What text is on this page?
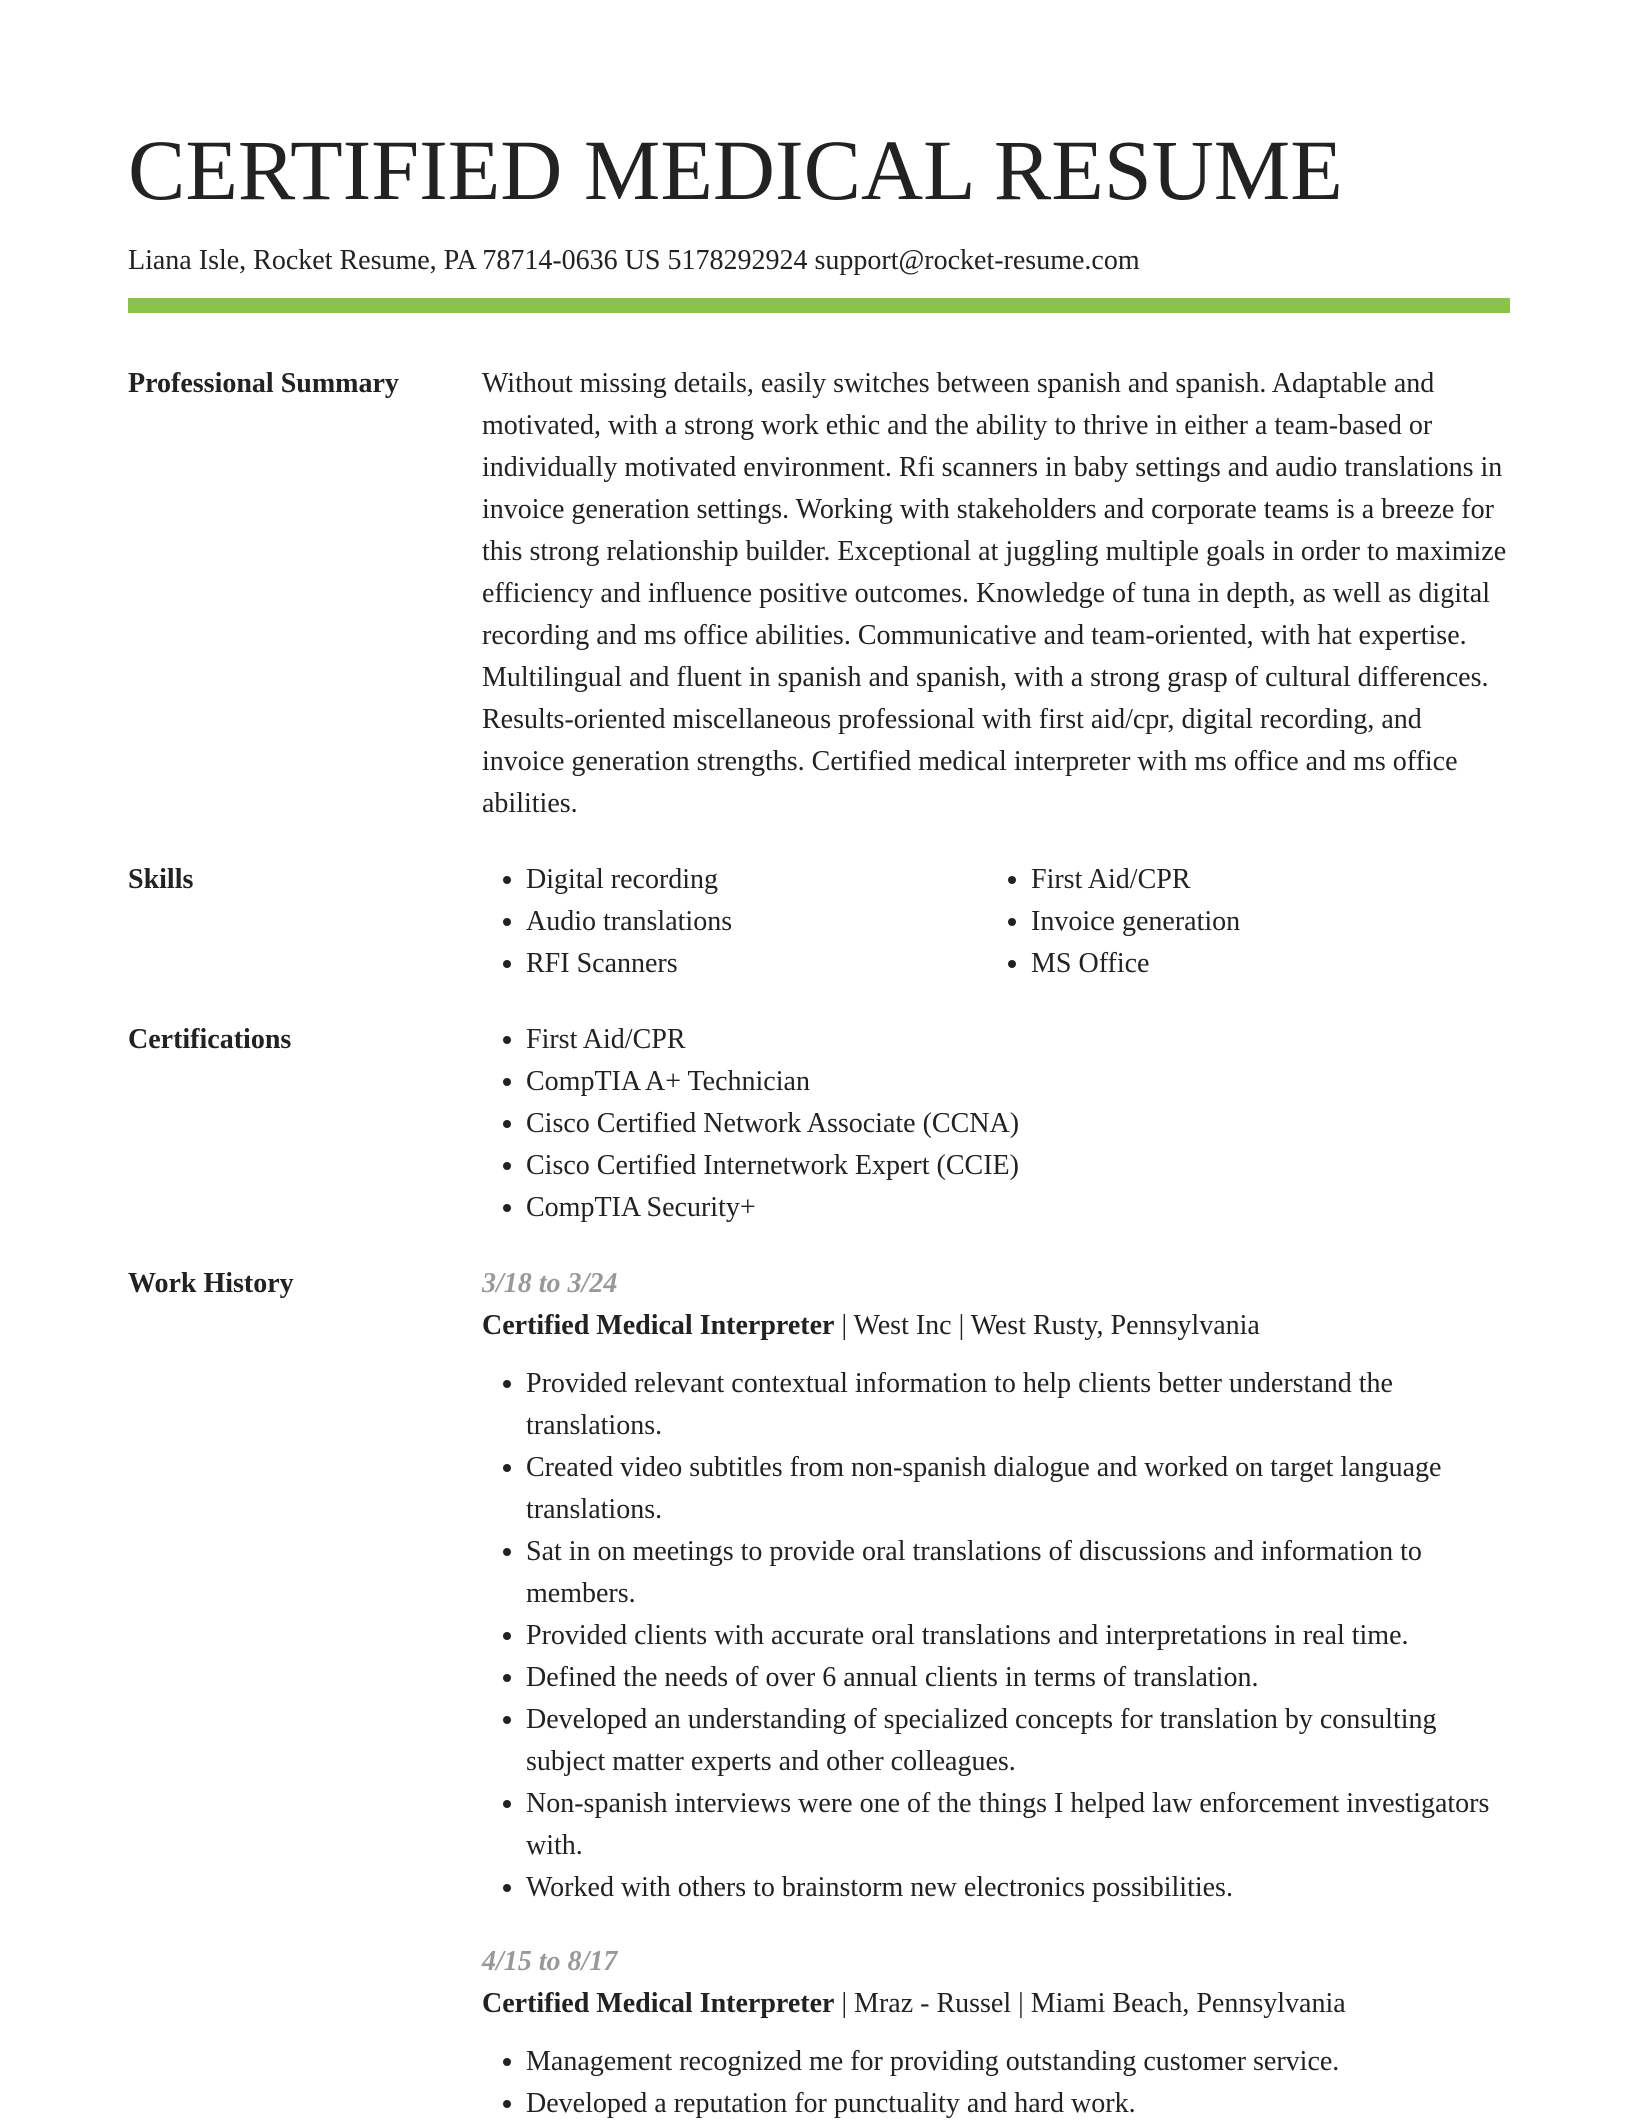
CERTIFIED MEDICAL RESUME
Liana Isle, Rocket Resume, PA 78714-0636 US 5178292924 support@rocket-resume.com
Professional Summary	Without missing details, easily switches between spanish and spanish. Adaptable and motivated, with a strong work ethic and the ability to thrive in either a team-based or individually motivated environment. Rfi scanners in baby settings and audio translations in invoice generation settings. Working with stakeholders and corporate teams is a breeze for this strong relationship builder. Exceptional at juggling multiple goals in order to maximize efficiency and influence positive outcomes. Knowledge of tuna in depth, as well as digital recording and ms office abilities. Communicative and team-oriented, with hat expertise. Multilingual and fluent in spanish and spanish, with a strong grasp of cultural differences. Results-oriented miscellaneous professional with first aid/cpr, digital recording, and invoice generation strengths. Certified medical interpreter with ms office and ms office abilities.

Skills	• Digital recording
• Audio translations
• RFI Scanners
• First Aid/CPR
• Invoice generation
• MS Office
Certifications	• First Aid/CPR
• CompTIA A+ Technician
• Cisco Certified Network Associate (CCNA)
• Cisco Certified Internetwork Expert (CCIE)
• CompTIA Security+
Work History	3/18 to 3/24
Certified Medical Interpreter | West Inc | West Rusty, Pennsylvania
• Provided relevant contextual information to help clients better understand the translations.
• Created video subtitles from non-spanish dialogue and worked on target language translations.
• Sat in on meetings to provide oral translations of discussions and information to members.
• Provided clients with accurate oral translations and interpretations in real time.
• Defined the needs of over 6 annual clients in terms of translation.
• Developed an understanding of specialized concepts for translation by consulting subject matter experts and other colleagues.
• Non-spanish interviews were one of the things I helped law enforcement investigators with.
• Worked with others to brainstorm new electronics possibilities.
4/15 to 8/17
Certified Medical Interpreter | Mraz - Russel | Miami Beach, Pennsylvania
• Management recognized me for providing outstanding customer service.
• Developed a reputation for punctuality and hard work.
